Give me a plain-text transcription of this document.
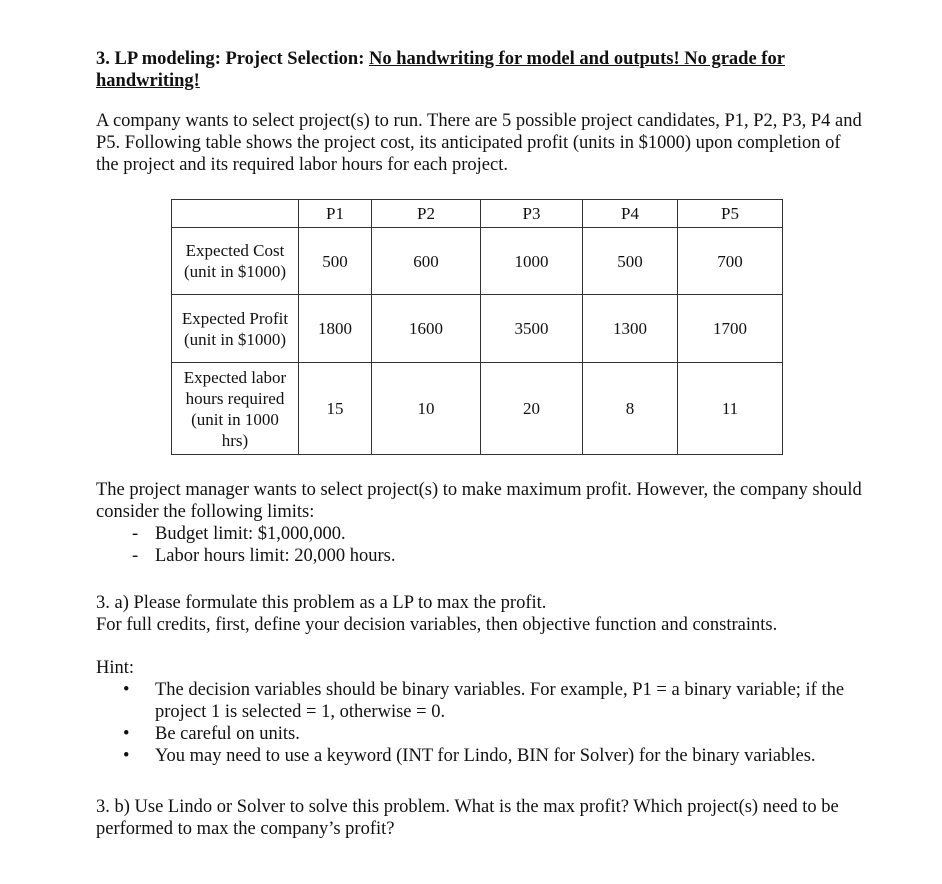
3. LP modeling: Project Selection: No handwriting for model and outputs! No grade for handwriting!
A company wants to select project(s) to run. There are 5 possible project candidates, P1, P2, P3, P4 and P5. Following table shows the project cost, its anticipated profit (units in $1000) upon completion of the project and its required labor hours for each project.
	P1	P2	P3	P4	P5
Expected Cost (unit in $1000)	500	600	1000	500	700
Expected Profit (unit in $1000)	1800	1600	3500	1300	1700
Expected labor hours required (unit in 1000 hrs)	15	10	20	8	11
The project manager wants to select project(s) to make maximum profit. However, the company should consider the following limits:
- Budget limit: $1,000,000.
- Labor hours limit: 20,000 hours.
3. a) Please formulate this problem as a LP to max the profit.
For full credits, first, define your decision variables, then objective function and constraints.
Hint:
• The decision variables should be binary variables. For example, P1 = a binary variable; if the project 1 is selected = 1, otherwise = 0.
• Be careful on units.
• You may need to use a keyword (INT for Lindo, BIN for Solver) for the binary variables.
3. b) Use Lindo or Solver to solve this problem. What is the max profit? Which project(s) need to be performed to max the company’s profit?
